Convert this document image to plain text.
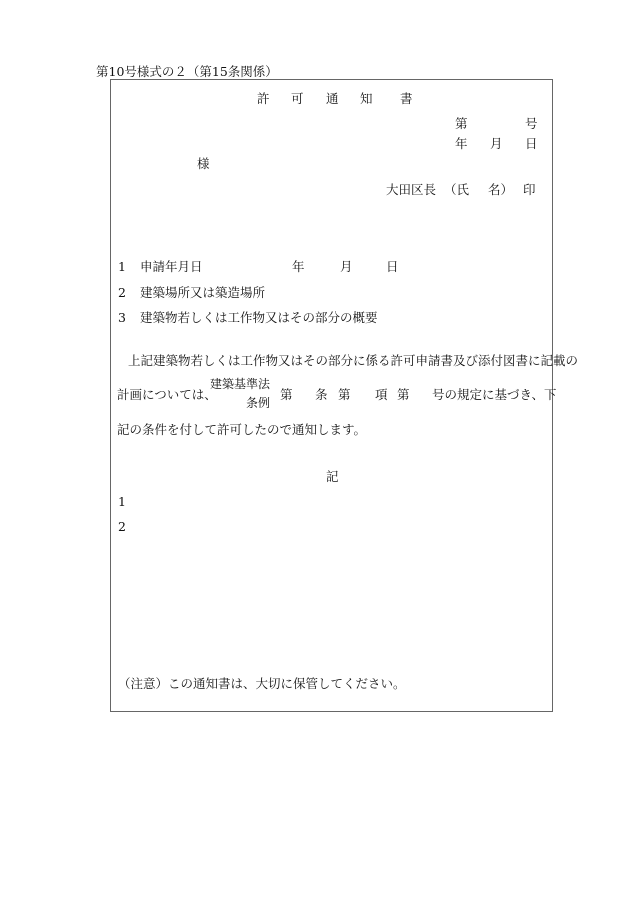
第10号様式の２（第15条関係）
許 可 通 知 書
第	号
年 月 日
様
大田区長 （氏 名） 印
1 申請年月日	年	月	日
2 建築場所又は築造場所
3 建築物若しくは工作物又はその部分の概要
上記建築物若しくは工作物又はその部分に係る許可申請書及び添付図書に記載の
計画については、
建築基準法
条例
第 条 第 項 第 号の規定に基づき、下
記の条件を付して許可したので通知します。
記
1
2
（注意）この通知書は、大切に保管してください。
